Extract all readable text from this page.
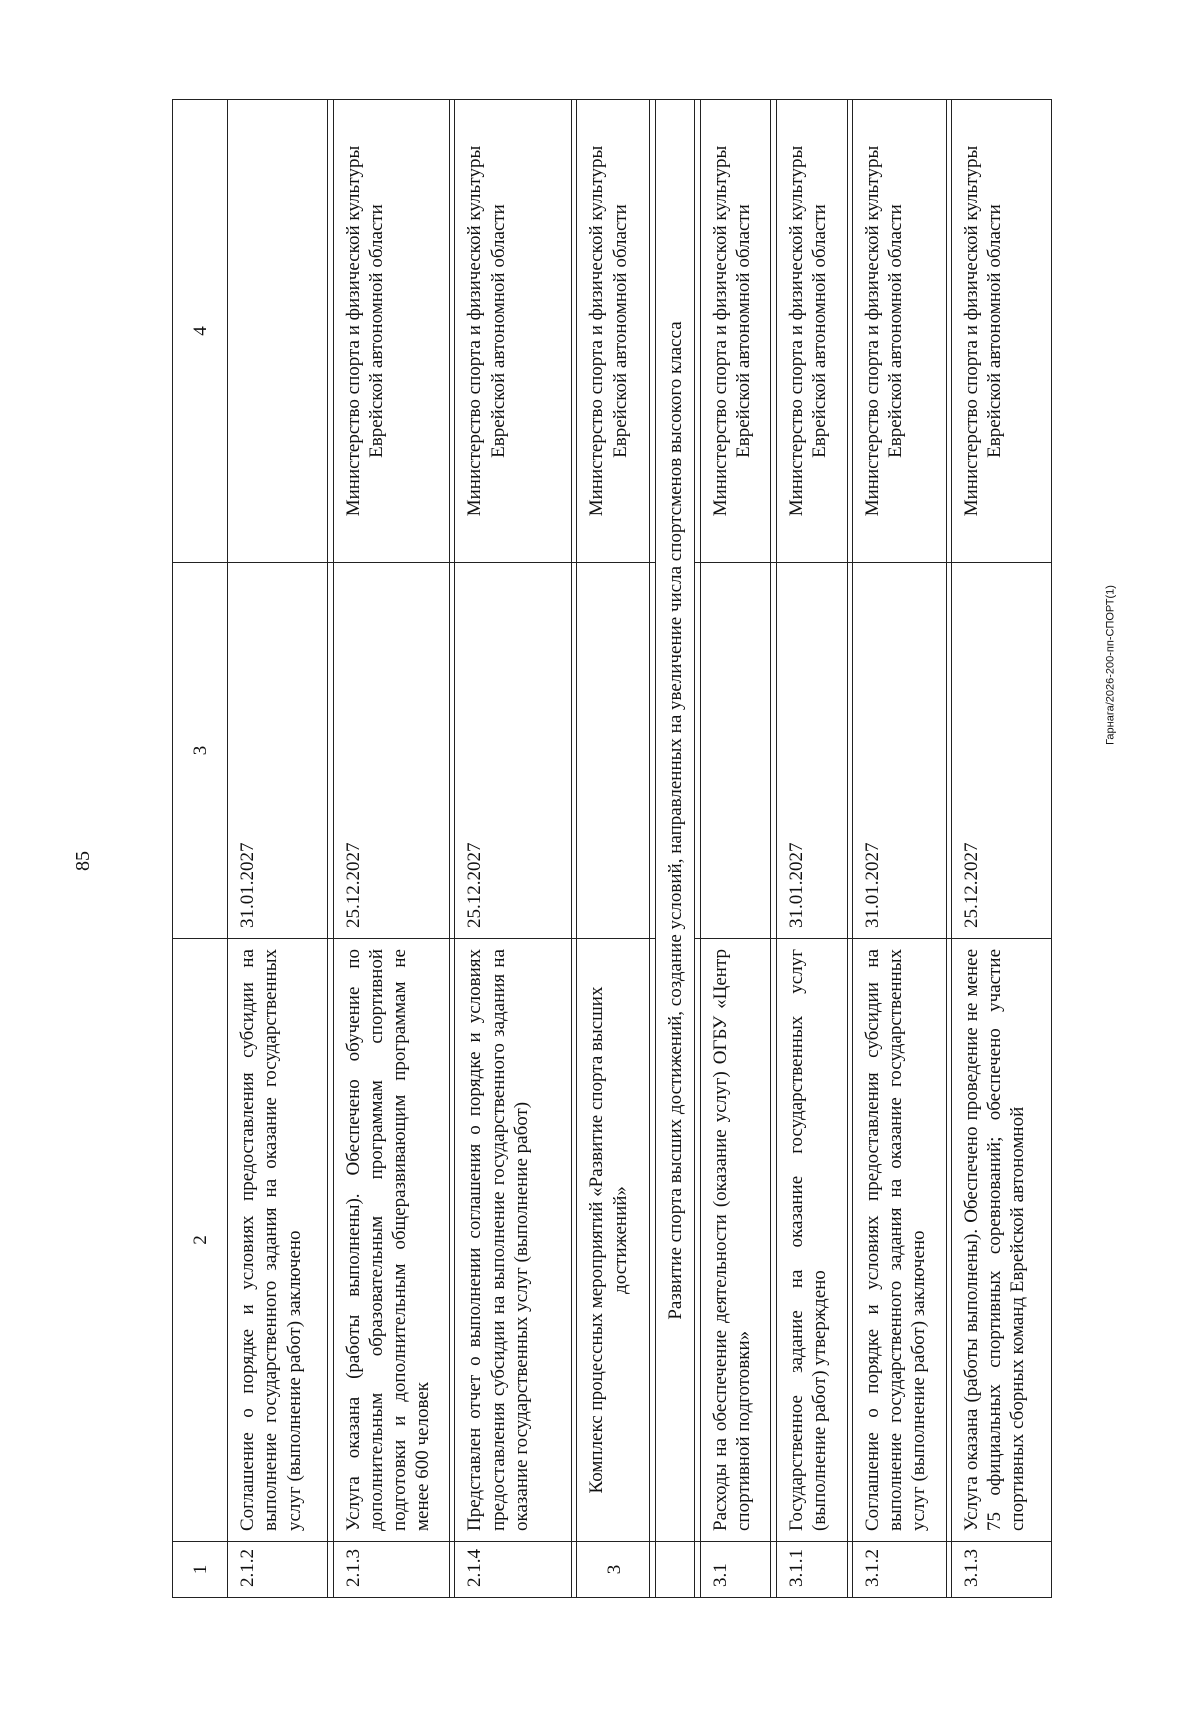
85
Гарнага/2026-200-пп-СПОРТ(1)
1	2	3	4
2.1.2	Соглашение о порядке и условиях предоставления субсидии на выполнение государственного задания на оказание государственных услуг (выполнение работ) заключено	31.01.2027	

2.1.3	Услуга оказана (работы выполнены). Обеспечено обучение по дополнительным образовательным программам спортивной подготовки и дополнительным общеразвивающим программам не менее 600 человек	25.12.2027	Министерство спорта и физической культуры Еврейской автономной области

2.1.4	Представлен отчет о выполнении соглашения о порядке и условиях предоставления субсидии на выполнение государственного задания на оказание государственных услуг (выполнение работ)	25.12.2027	Министерство спорта и физической культуры Еврейской автономной области

3	Комплекс процессных мероприятий «Развитие спорта высших достижений»		Министерство спорта и физической культуры Еврейской автономной области

	Развитие спорта высших достижений, создание условий, направленных на увеличение числа спортсменов высокого класса		

3.1	Расходы на обеспечение деятельности (оказание услуг) ОГБУ «Центр спортивной подготовки»		Министерство спорта и физической культуры Еврейской автономной области

3.1.1	Государственное задание на оказание государственных услуг (выполнение работ) утверждено	31.01.2027	Министерство спорта и физической культуры Еврейской автономной области

3.1.2	Соглашение о порядке и условиях предоставления субсидии на выполнение государственного задания на оказание государственных услуг (выполнение работ) заключено	31.01.2027	Министерство спорта и физической культуры Еврейской автономной области

3.1.3	Услуга оказана (работы выполнены). Обеспечено проведение не менее 75 официальных спортивных соревнований; обеспечено участие спортивных сборных команд Еврейской автономной	25.12.2027	Министерство спорта и физической культуры Еврейской автономной области
